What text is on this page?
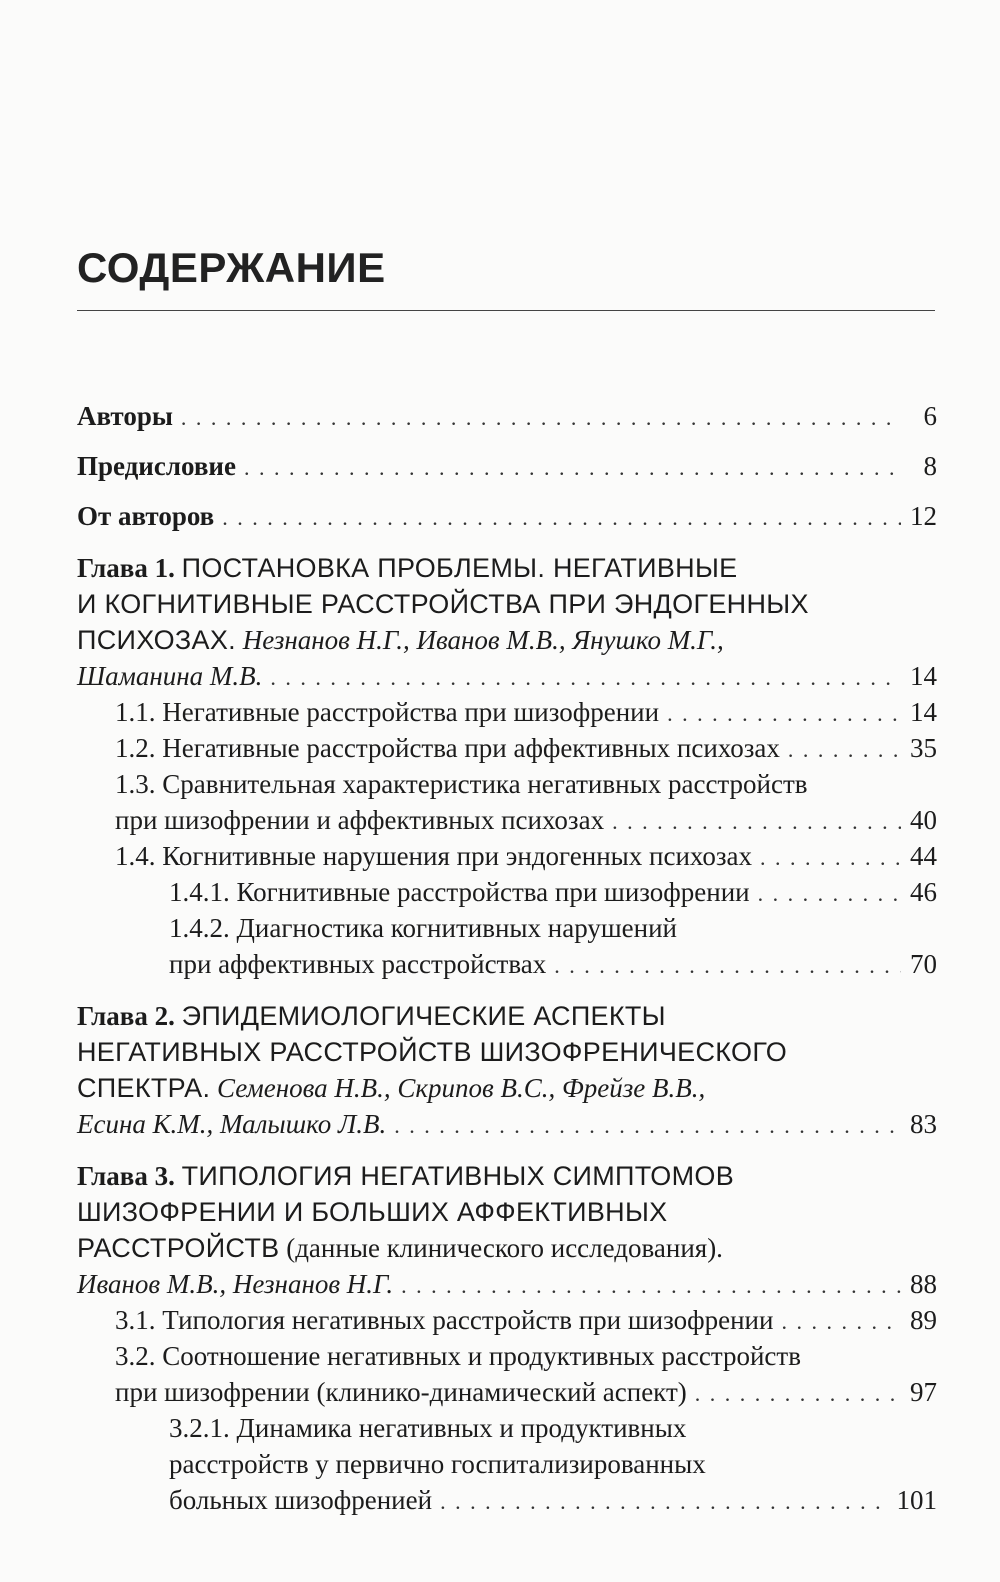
СОДЕРЖАНИЕ
Авторы . . .	6
Предисловие . . .	8
От авторов . . .	12
Глава 1. ПОСТАНОВКА ПРОБЛЕМЫ. НЕГАТИВНЫЕ
И КОГНИТИВНЫЕ РАССТРОЙСТВА ПРИ ЭНДОГЕННЫХ
ПСИХОЗАХ. Незнанов Н.Г., Иванов М.В., Янушко М.Г.,
Шаманина М.В. . . .	14
1.1. Негативные расстройства при шизофрении . . .	14
1.2. Негативные расстройства при аффективных психозах . . .	35
1.3. Сравнительная характеристика негативных расстройств
при шизофрении и аффективных психозах . . .	40
1.4. Когнитивные нарушения при эндогенных психозах . . .	44
1.4.1. Когнитивные расстройства при шизофрении . . .	46
1.4.2. Диагностика когнитивных нарушений
при аффективных расстройствах . . .	70
Глава 2. ЭПИДЕМИОЛОГИЧЕСКИЕ АСПЕКТЫ
НЕГАТИВНЫХ РАССТРОЙСТВ ШИЗОФРЕНИЧЕСКОГО
СПЕКТРА. Семенова Н.В., Скрипов В.С., Фрейзе В.В.,
Есина К.М., Малышко Л.В. . . .	83
Глава 3. ТИПОЛОГИЯ НЕГАТИВНЫХ СИМПТОМОВ
ШИЗОФРЕНИИ И БОЛЬШИХ АФФЕКТИВНЫХ
РАССТРОЙСТВ (данные клинического исследования).
Иванов М.В., Незнанов Н.Г. . . .	88
3.1. Типология негативных расстройств при шизофрении . . .	89
3.2. Соотношение негативных и продуктивных расстройств
при шизофрении (клинико-динамический аспект) . . .	97
3.2.1. Динамика негативных и продуктивных
расстройств у первично госпитализированных
больных шизофренией . . .	101
